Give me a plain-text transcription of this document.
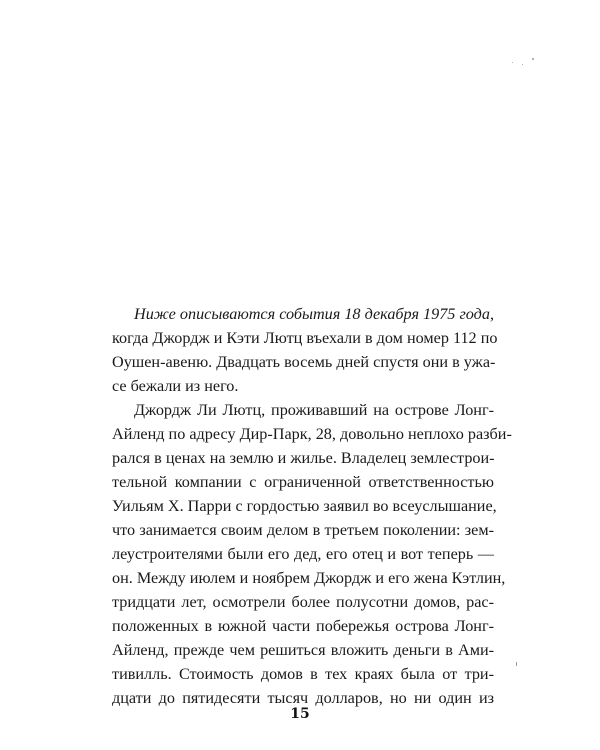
Ниже описываются события 18 декабря 1975 года,
когда Джордж и Кэти Лютц въехали в дом номер 112 по
Оушен-авеню. Двадцать восемь дней спустя они в ужа-
се бежали из него.
Джордж Ли Лютц, проживавший на острове Лонг-
Айленд по адресу Дир-Парк, 28, довольно неплохо разби-
рался в ценах на землю и жилье. Владелец землестрои-
тельной компании с ограниченной ответственностью
Уильям Х. Парри с гордостью заявил во всеуслышание,
что занимается своим делом в третьем поколении: зем-
леустроителями были его дед, его отец и вот теперь —
он. Между июлем и ноябрем Джордж и его жена Кэтлин,
тридцати лет, осмотрели более полусотни домов, рас-
положенных в южной части побережья острова Лонг-
Айленд, прежде чем решиться вложить деньги в Ами-
тивилль. Стоимость домов в тех краях была от три-
дцати до пятидесяти тысяч долларов, но ни один из
15
